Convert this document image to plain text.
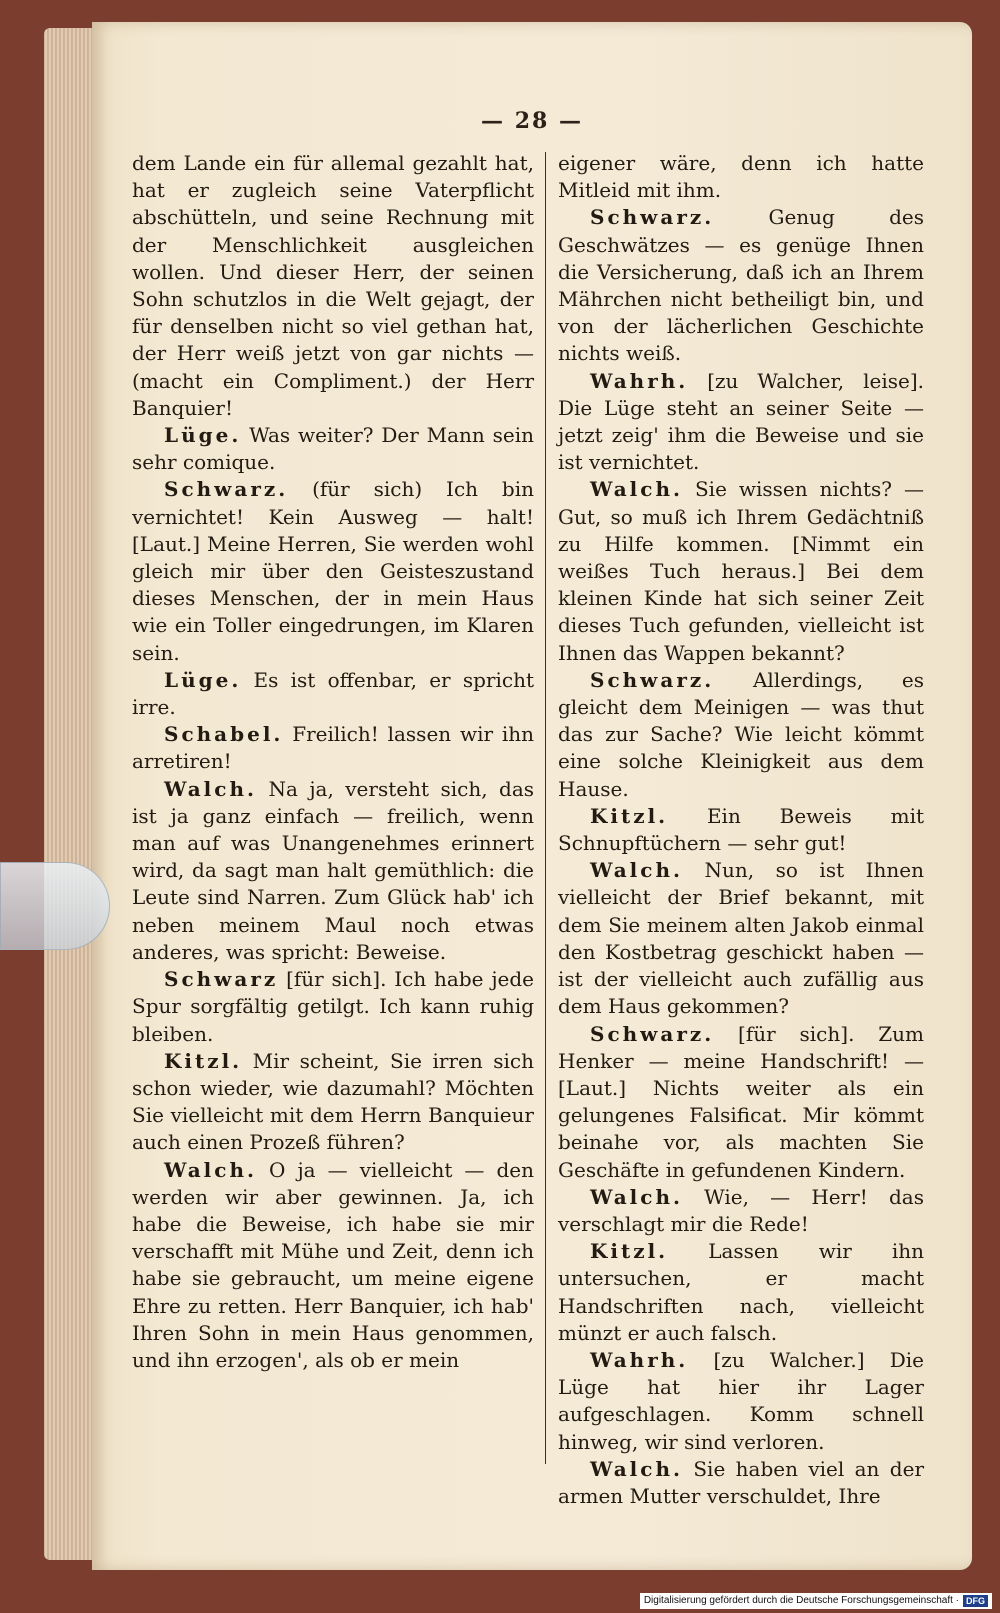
— 28 —

dem Lande ein für allemal gezahlt hat, hat er zugleich seine Vaterpflicht abschütteln, und seine Rechnung mit der Menschlichkeit ausgleichen wollen. Und dieser Herr, der seinen Sohn schutzlos in die Welt gejagt, der für denselben nicht so viel gethan hat, der Herr weiß jetzt von gar nichts — (macht ein Compliment.) der Herr Banquier!

Lüge. Was weiter? Der Mann sein sehr comique.

Schwarz. (für sich) Ich bin vernichtet! Kein Ausweg — halt! [Laut.] Meine Herren, Sie werden wohl gleich mir über den Geisteszustand dieses Menschen, der in mein Haus wie ein Toller eingedrungen, im Klaren sein.

Lüge. Es ist offenbar, er spricht irre.

Schabel. Freilich! lassen wir ihn arretiren!

Walch. Na ja, versteht sich, das ist ja ganz einfach — freilich, wenn man auf was Unangenehmes erinnert wird, da sagt man halt gemüthlich: die Leute sind Narren. Zum Glück hab' ich neben meinem Maul noch etwas anderes, was spricht: Beweise.

Schwarz [für sich]. Ich habe jede Spur sorgfältig getilgt. Ich kann ruhig bleiben.

Kitzl. Mir scheint, Sie irren sich schon wieder, wie dazumahl? Möchten Sie vielleicht mit dem Herrn Banquieur auch einen Prozeß führen?

Walch. O ja — vielleicht — den werden wir aber gewinnen. Ja, ich habe die Beweise, ich habe sie mir verschafft mit Mühe und Zeit, denn ich habe sie gebraucht, um meine eigene Ehre zu retten. Herr Banquier, ich hab' Ihren Sohn in mein Haus genommen, und ihn erzogen', als ob er mein

eigener wäre, denn ich hatte Mitleid mit ihm.

Schwarz.	Genug des Geschwätzes — es genüge Ihnen die Versicherung, daß ich an Ihrem Mährchen nicht betheiligt bin, und von der lächerlichen Geschichte nichts weiß.

Wahrh. [zu Walcher, leise]. Die Lüge steht an seiner Seite — jetzt zeig' ihm die Beweise und sie ist vernichtet.

Walch. Sie wissen nichts? — Gut, so muß ich Ihrem Gedächtniß zu Hilfe kommen. [Nimmt ein weißes Tuch heraus.] Bei dem kleinen Kinde hat sich seiner Zeit dieses Tuch gefunden, vielleicht ist Ihnen das Wappen bekannt?

Schwarz. Allerdings, es gleicht dem Meinigen — was thut das zur Sache? Wie leicht kömmt eine solche Kleinigkeit aus dem Hause.

Kitzl. Ein Beweis mit Schnupftüchern — sehr gut!

Walch. Nun, so ist Ihnen vielleicht der Brief bekannt, mit dem Sie meinem alten Jakob einmal den Kostbetrag geschickt haben — ist der vielleicht auch zufällig aus dem Haus gekommen?

Schwarz. [für sich]. Zum Henker — meine Handschrift! — [Laut.] Nichts weiter als ein gelungenes Falsificat. Mir kömmt beinahe vor, als machten Sie Geschäfte in gefundenen Kindern.

Walch. Wie, — Herr! das verschlagt mir die Rede!

Kitzl. Lassen wir ihn untersuchen, er macht Handschriften nach, vielleicht münzt er auch falsch.

Wahrh. [zu Walcher.] Die Lüge hat hier ihr Lager aufgeschlagen. Komm schnell hinweg, wir sind verloren.

Walch. Sie haben viel an der armen Mutter verschuldet, Ihre

Digitalisierung gefördert durch die Deutsche Forschungsgemeinschaft · DFG
